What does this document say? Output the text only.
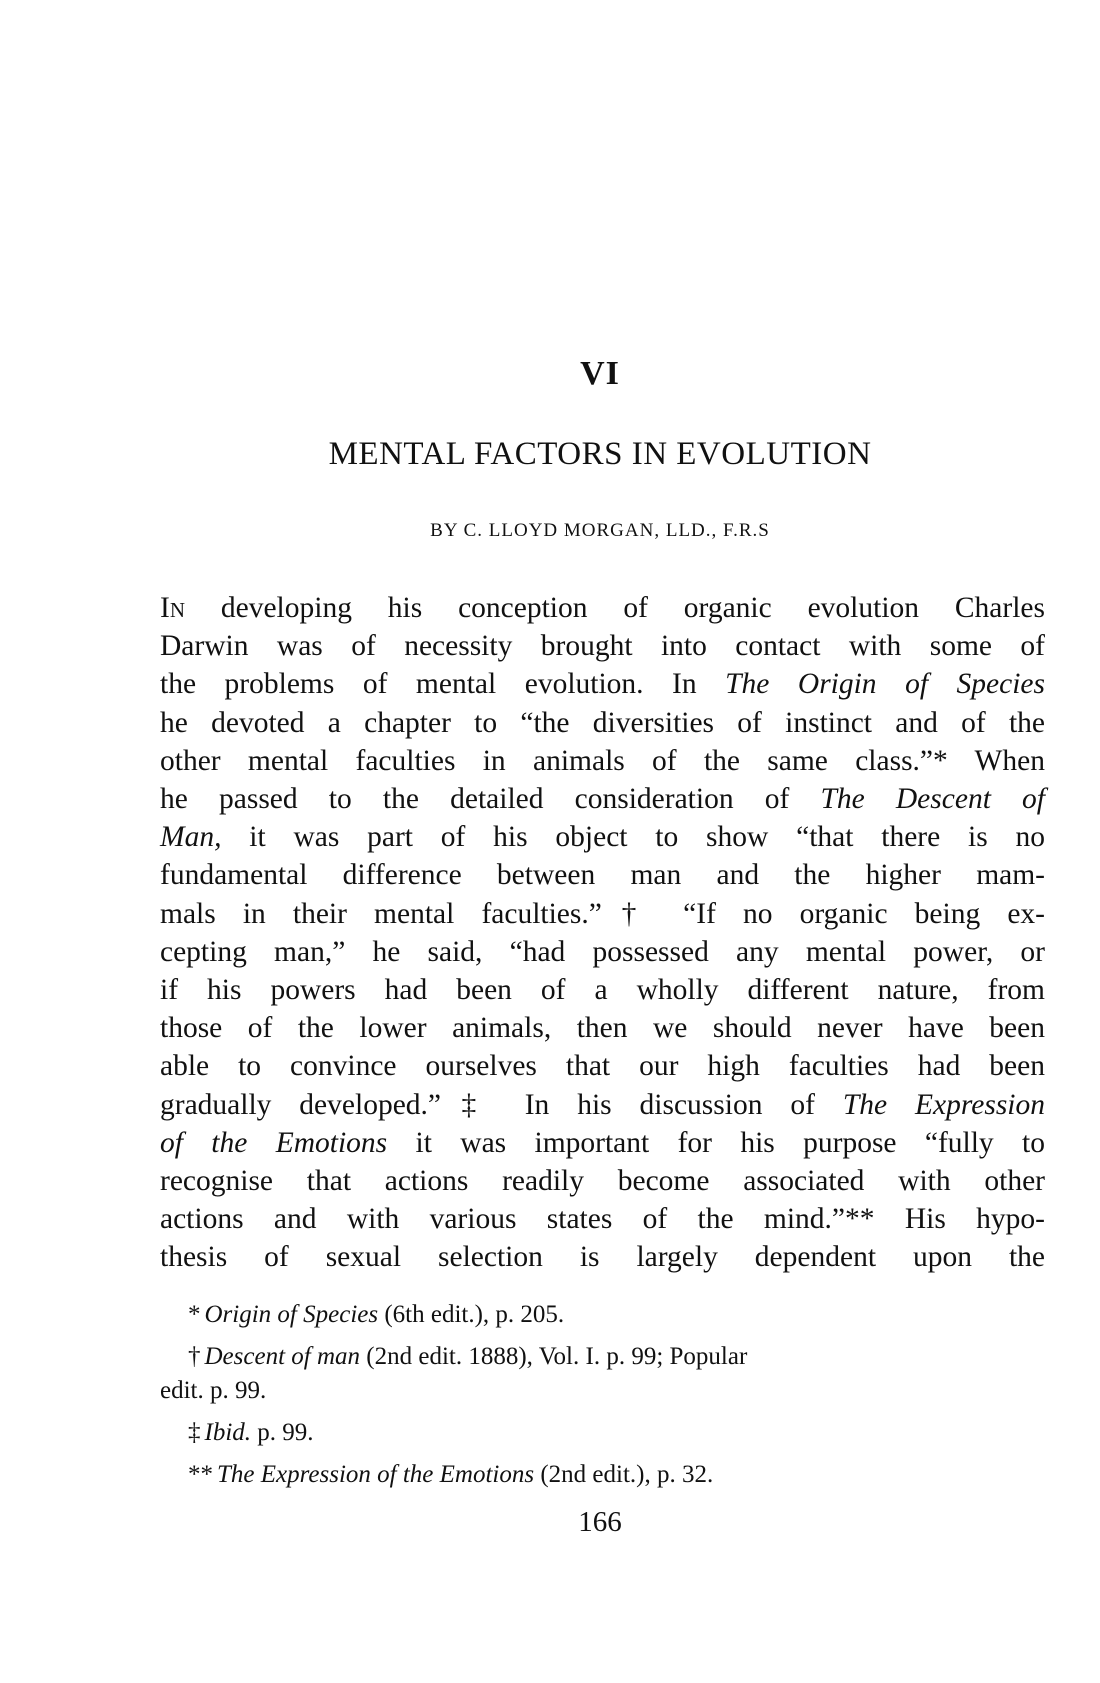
VI
MENTAL FACTORS IN EVOLUTION
BY C. LLOYD MORGAN, LLD., F.R.S
In developing his conception of organic evolution Charles
Darwin was of necessity brought into contact with some of
the problems of mental evolution. In The Origin of Species
he devoted a chapter to “the diversities of instinct and of the
other mental faculties in animals of the same class.”* When
he passed to the detailed consideration of The Descent of
Man, it was part of his object to show “that there is no
fundamental difference between man and the higher mam-
mals in their mental faculties.”† “If no organic being ex-
cepting man,” he said, “had possessed any mental power, or
if his powers had been of a wholly different nature, from
those of the lower animals, then we should never have been
able to convince ourselves that our high faculties had been
gradually developed.”‡ In his discussion of The Expression
of the Emotions it was important for his purpose “fully to
recognise that actions readily become associated with other
actions and with various states of the mind.”** His hypo-
thesis of sexual selection is largely dependent upon the
* Origin of Species (6th edit.), p. 205.
† Descent of man (2nd edit. 1888), Vol. I. p. 99; Popular
edit. p. 99.
‡ Ibid. p. 99.
** The Expression of the Emotions (2nd edit.), p. 32.
166
